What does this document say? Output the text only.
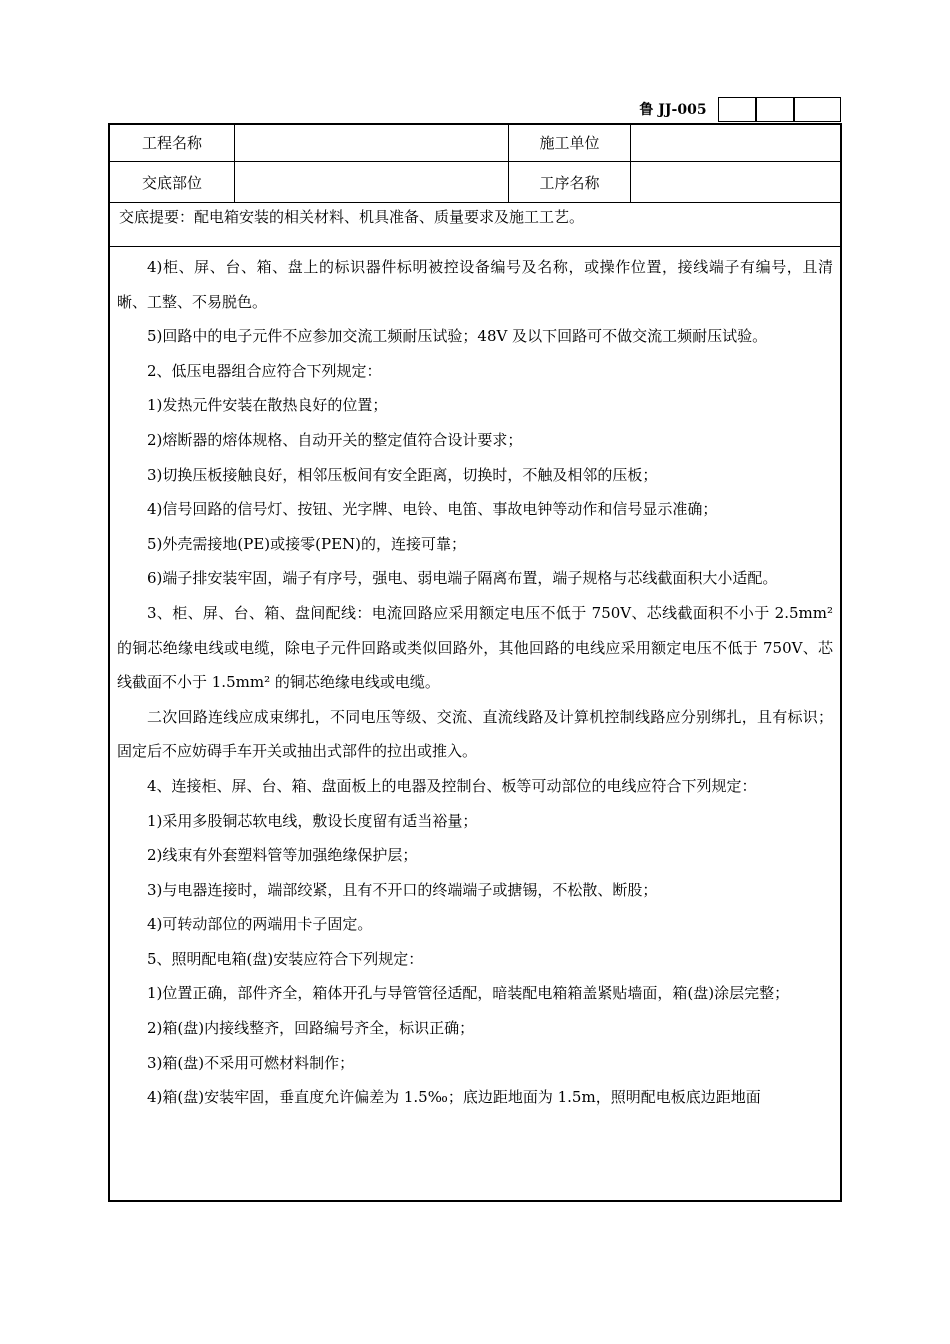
鲁 JJ-005
工程名称	施工单位
交底部位	工序名称
交底提要：配电箱安装的相关材料、机具准备、质量要求及施工工艺。

4)柜、屏、台、箱、盘上的标识器件标明被控设备编号及名称，或操作位置，接线端子有编号，且清晰、工整、不易脱色。

5)回路中的电子元件不应参加交流工频耐压试验；48V 及以下回路可不做交流工频耐压试验。

2、低压电器组合应符合下列规定：

1)发热元件安装在散热良好的位置；

2)熔断器的熔体规格、自动开关的整定值符合设计要求；

3)切换压板接触良好，相邻压板间有安全距离，切换时，不触及相邻的压板；

4)信号回路的信号灯、按钮、光字牌、电铃、电笛、事故电钟等动作和信号显示准确；

5)外壳需接地(PE)或接零(PEN)的，连接可靠；

6)端子排安装牢固，端子有序号，强电、弱电端子隔离布置，端子规格与芯线截面积大小适配。

3、柜、屏、台、箱、盘间配线：电流回路应采用额定电压不低于 750V、芯线截面积不小于 2.5mm² 的铜芯绝缘电线或电缆，除电子元件回路或类似回路外，其他回路的电线应采用额定电压不低于 750V、芯线截面不小于 1.5mm² 的铜芯绝缘电线或电缆。

二次回路连线应成束绑扎，不同电压等级、交流、直流线路及计算机控制线路应分别绑扎，且有标识；固定后不应妨碍手车开关或抽出式部件的拉出或推入。

4、连接柜、屏、台、箱、盘面板上的电器及控制台、板等可动部位的电线应符合下列规定：

1)采用多股铜芯软电线，敷设长度留有适当裕量；

2)线束有外套塑料管等加强绝缘保护层；

3)与电器连接时，端部绞紧，且有不开口的终端端子或搪锡，不松散、断股；

4)可转动部位的两端用卡子固定。

5、照明配电箱(盘)安装应符合下列规定：

1)位置正确，部件齐全，箱体开孔与导管管径适配，暗装配电箱箱盖紧贴墙面，箱(盘)涂层完整；

2)箱(盘)内接线整齐，回路编号齐全，标识正确；

3)箱(盘)不采用可燃材料制作；

4)箱(盘)安装牢固，垂直度允许偏差为 1.5‰；底边距地面为 1.5m，照明配电板底边距地面
